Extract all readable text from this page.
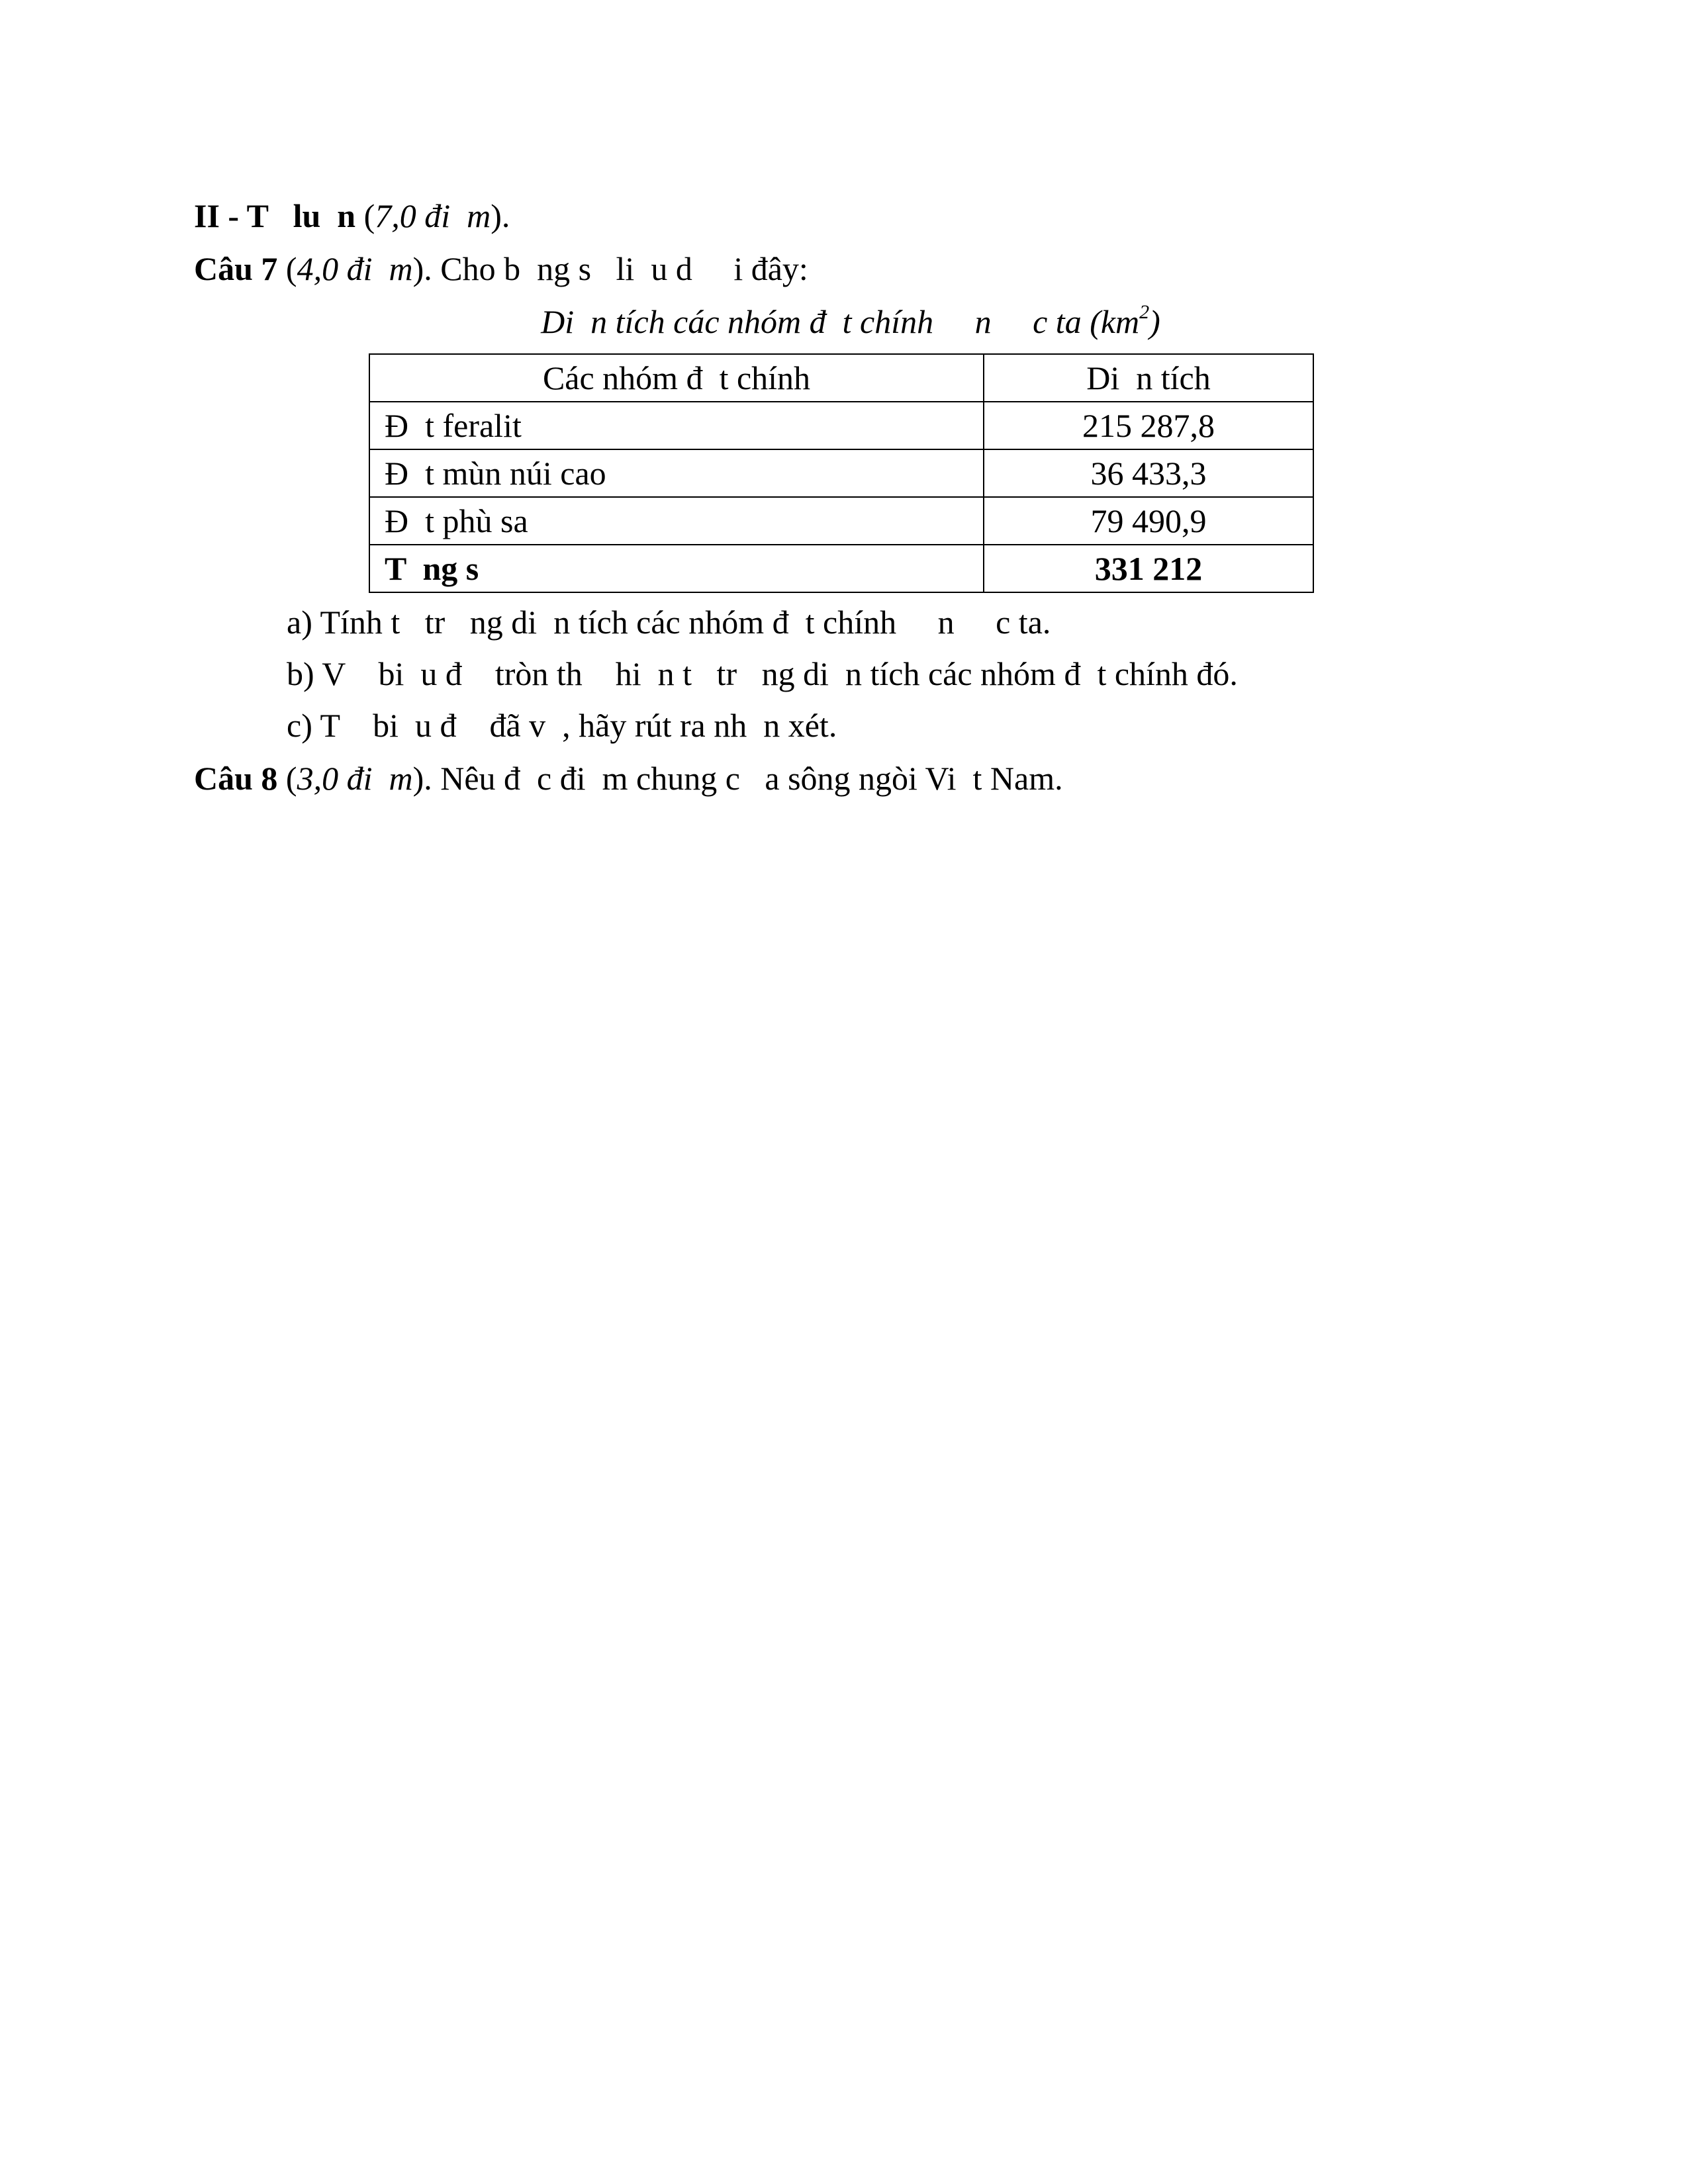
II - T   lu  n (7,0 đi  m).
Câu 7 (4,0 đi  m). Cho b  ng s   li  u d     i đây:
Di  n tích các nhóm đ  t chính     n     c ta $(km^2)$
Các nhóm đ  t chính	Di  n tích
Đ  t feralit	215 287,8
Đ  t mùn núi cao	36 433,3
Đ  t phù sa	79 490,9
T  ng s	331 212
a) Tính t   tr   ng di  n tích các nhóm đ  t chính     n     c ta.
b) V    bi  u đ    tròn th    hi  n t   tr   ng di  n tích các nhóm đ  t chính đó.
c) T    bi  u đ    đã v  , hãy rút ra nh  n xét.
Câu 8 (3,0 đi  m). Nêu đ  c đi  m chung c   a sông ngòi Vi  t Nam.
